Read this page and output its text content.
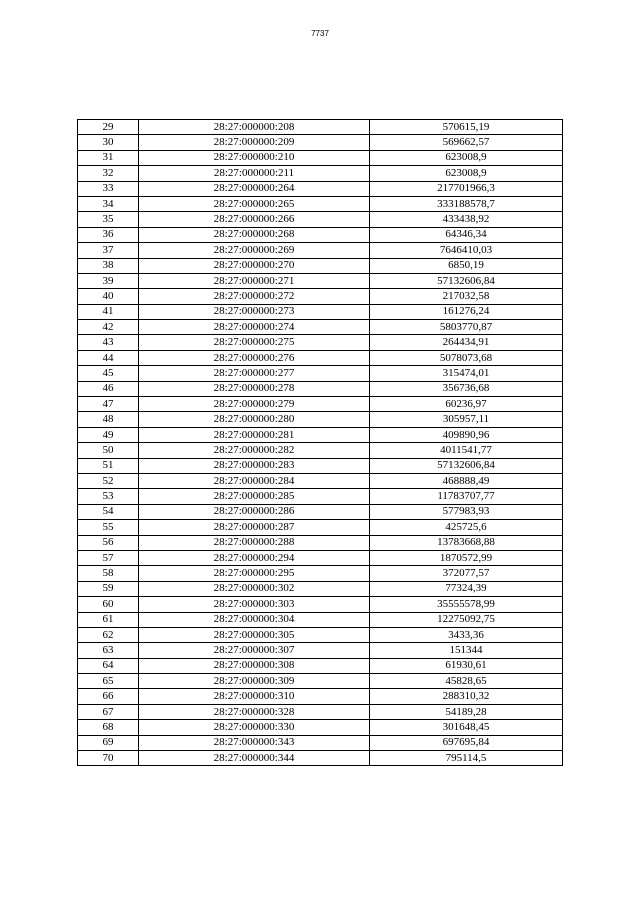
7737
29	28:27:000000:208	570615,19
30	28:27:000000:209	569662,57
31	28:27:000000:210	623008,9
32	28:27:000000:211	623008,9
33	28:27:000000:264	217701966,3
34	28:27:000000:265	333188578,7
35	28:27:000000:266	433438,92
36	28:27:000000:268	64346,34
37	28:27:000000:269	7646410,03
38	28:27:000000:270	6850,19
39	28:27:000000:271	57132606,84
40	28:27:000000:272	217032,58
41	28:27:000000:273	161276,24
42	28:27:000000:274	5803770,87
43	28:27:000000:275	264434,91
44	28:27:000000:276	5078073,68
45	28:27:000000:277	315474,01
46	28:27:000000:278	356736,68
47	28:27:000000:279	60236,97
48	28:27:000000:280	305957,11
49	28:27:000000:281	409890,96
50	28:27:000000:282	4011541,77
51	28:27:000000:283	57132606,84
52	28:27:000000:284	468888,49
53	28:27:000000:285	11783707,77
54	28:27:000000:286	577983,93
55	28:27:000000:287	425725,6
56	28:27:000000:288	13783668,88
57	28:27:000000:294	1870572,99
58	28:27:000000:295	372077,57
59	28:27:000000:302	77324,39
60	28:27:000000:303	35555578,99
61	28:27:000000:304	12275092,75
62	28:27:000000:305	3433,36
63	28:27:000000:307	151344
64	28:27:000000:308	61930,61
65	28:27:000000:309	45828,65
66	28:27:000000:310	288310,32
67	28:27:000000:328	54189,28
68	28:27:000000:330	301648,45
69	28:27:000000:343	697695,84
70	28:27:000000:344	795114,5
